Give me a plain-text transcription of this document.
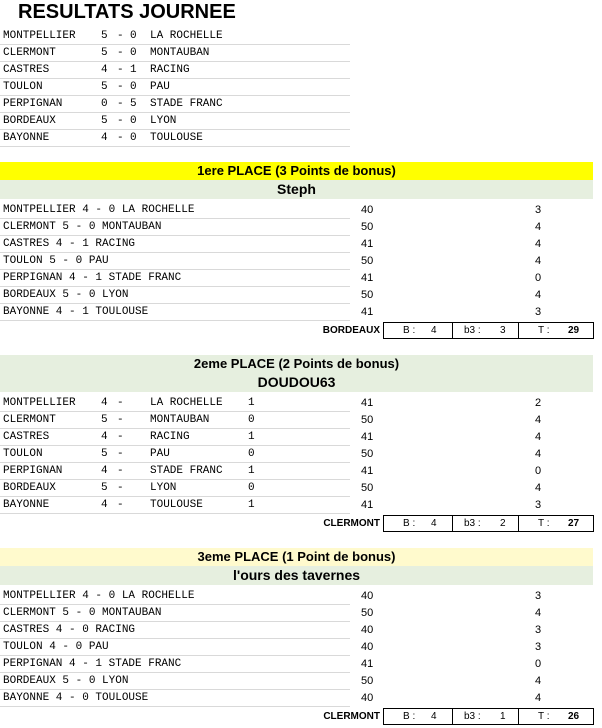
RESULTATS JOURNEE
MONTPELLIER 5 - 0 LA ROCHELLE
CLERMONT	5 - 0 MONTAUBAN
CASTRES	4 - 1 RACING
TOULON	5 - 0 PAU
PERPIGNAN	0 - 5 STADE FRANC
BORDEAUX	5 - 0 LYON
BAYONNE	4 - 0 TOULOUSE
1ere PLACE (3 Points de bonus)
Steph
MONTPELLIER 4 - 0 LA ROCHELLE	40	3
CLERMONT 5 - 0 MONTAUBAN	50	4
CASTRES 4 - 1 RACING	41	4
TOULON 5 - 0 PAU	50	4
PERPIGNAN 4 - 1 STADE FRANC	41	0
BORDEAUX 5 - 0 LYON	50	4
BAYONNE 4 - 1 TOULOUSE	41	3
BORDEAUX B : 4	b3 : 3	T : 29
2eme PLACE (2 Points de bonus)
DOUDOU63
MONTPELLIER 4 - LA ROCHELLE 1	41	2
CLERMONT	5 - MONTAUBAN	0	50	4
CASTRES	4 - RACING	1	41	4
TOULON	5 - PAU	0	50	4
PERPIGNAN	4 - STADE FRANC 1	41	0
BORDEAUX	5 - LYON	0	50	4
BAYONNE	4 - TOULOUSE	1	41	3
CLERMONT B : 4	b3 : 2	T : 27
3eme PLACE (1 Point de bonus)
l'ours des tavernes
MONTPELLIER 4 - 0 LA ROCHELLE	40	3
CLERMONT 5 - 0 MONTAUBAN	50	4
CASTRES 4 - 0 RACING	40	3
TOULON 4 - 0 PAU	40	3
PERPIGNAN 4 - 1 STADE FRANC	41	0
BORDEAUX 5 - 0 LYON	50	4
BAYONNE 4 - 0 TOULOUSE	40	4
CLERMONT B : 4	b3 : 1	T : 26
